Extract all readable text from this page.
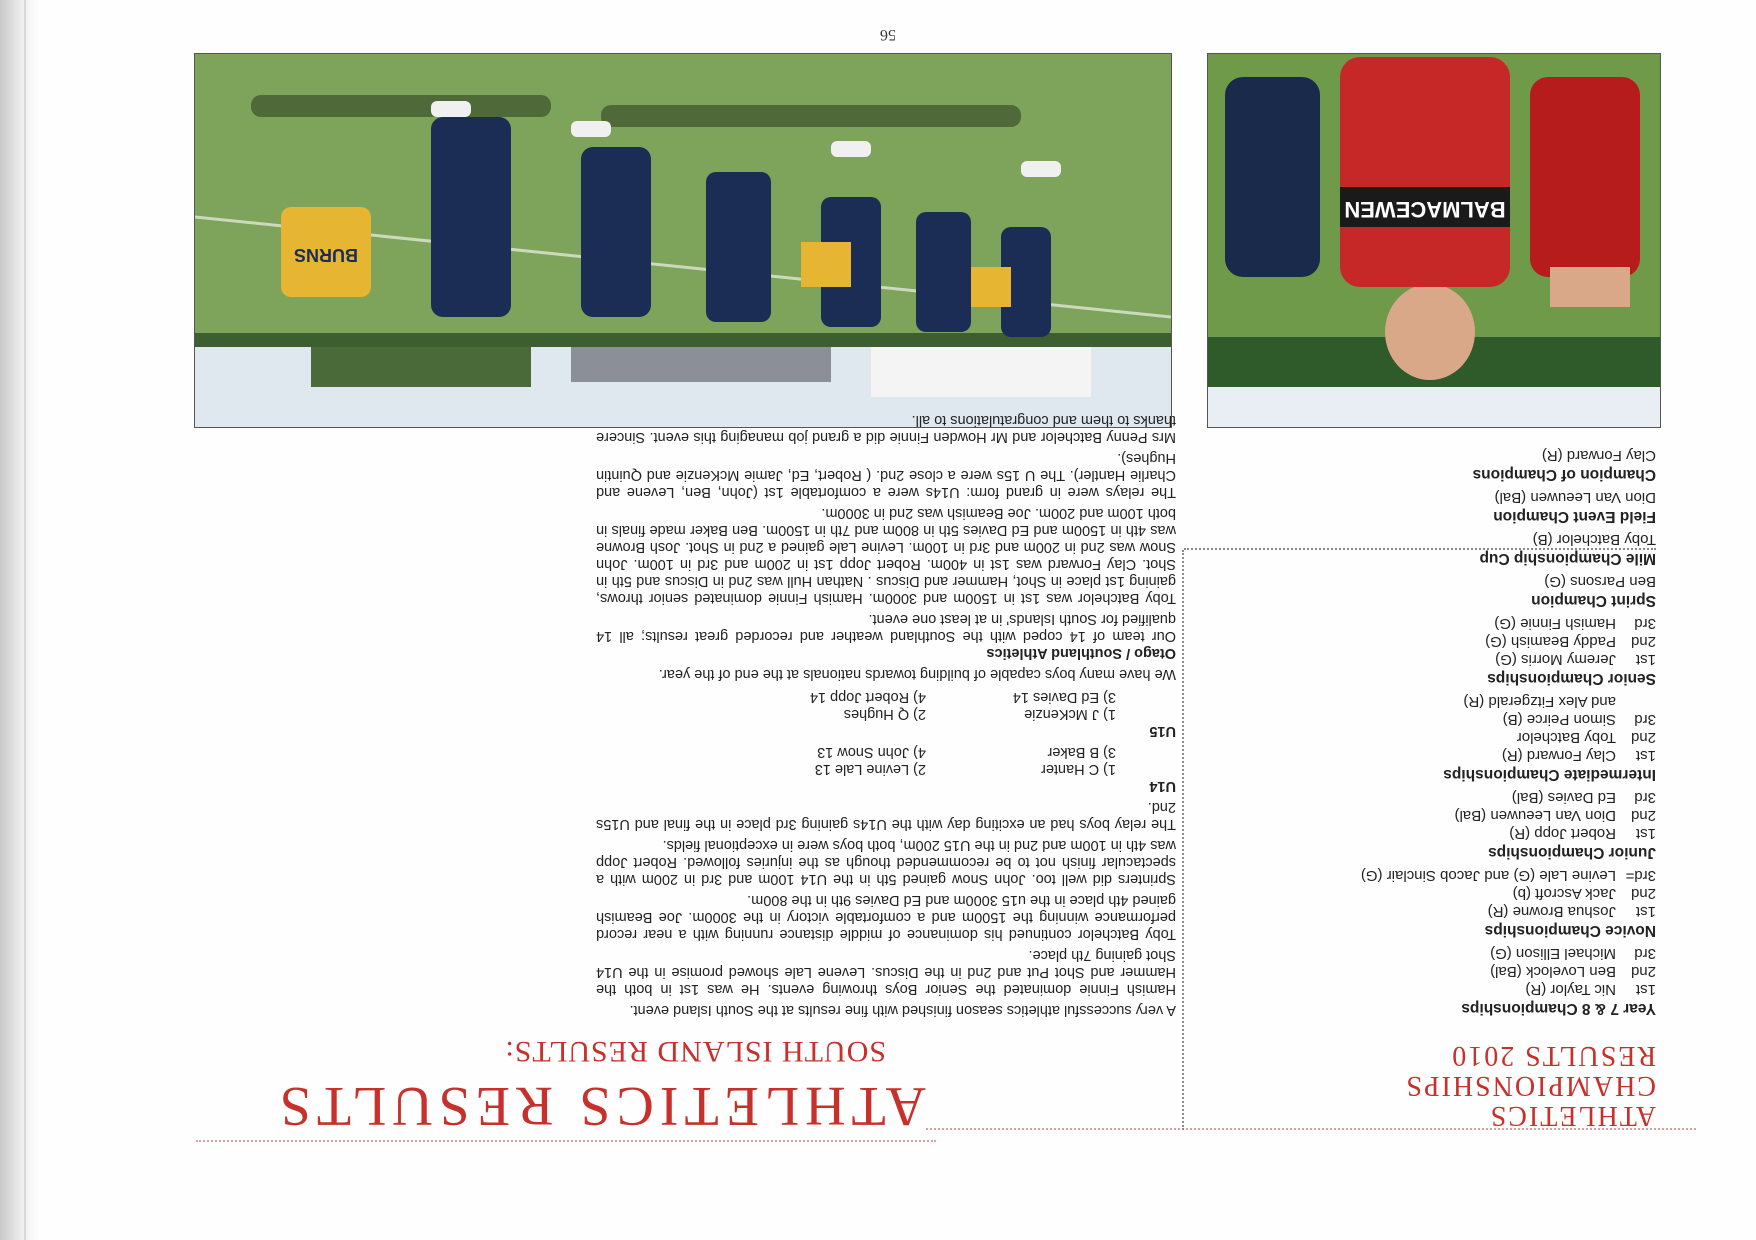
56
BALMACEWEN
BURNS
ATHLETICS RESULTS
SOUTH ISLAND RESULTS:
ATHLETICS
CHAMPIONSHIPS
RESULTS 2010
Year 7 & 8 Championships
1st
Nic Taylor (R)
2nd
Ben Lovelock (Bal)
3rd
Michael Ellison (G)
Novice Championships
1st
Joshua Browne (R)
2nd
Jack Ascroft (b)
3rd=
Levine Lale (G) and Jacob Sinclair (G)
Junior Championships
1st
Robert Jopp (R)
2nd
Dion Van Leeuwen (Bal)
3rd
Ed Davies (Bal)
Intermediate Championships
1st
Clay Forward (R)
2nd
Toby Batchelor
3rd
Simon Peirce (B)
and Alex Fitzgerald (R)
Senior Championships
1st
Jeremy Morris (G)
2nd
Paddy Beamish (G)
3rd
Hamish Finnie (G)
Sprint Champion
Ben Parsons (G)
Mile Championship Cup
Toby Batchelor (B)
Field Event Champion
Dion Van Leeuwen (Bal)
Champion of Champions
Clay Forward (R)

A very successful athletics season finished with fine results at the South Island event.

Hamish Finnie dominated the Senior Boys throwing events. He was 1st in both the Hammer and Shot Put and 2nd in the Discus. Levene Lale showed promise in the U14 Shot gaining 7th place.

Toby Batchelor continued his dominance of middle distance running with a near record performance winning the 1500m and a comfortable victory in the 3000m. Joe Beamish gained 4th place in the u15 3000m and Ed Davies 9th in the 800m.

Sprinters did well too. John Snow gained 5th in the U14 100m and 3rd in 200m with a spectacular finish not to be recommended though as the injuries followed. Robert Jopp was 4th in 100m and 2nd in the U15 200m, both boys were in exceptional fields.

The relay boys had an exciting day with the U14s gaining 3rd place in the final and U15s 2nd.

U14
1) C Hanter
2) Levine Lale 13
3) B Baker
4) John Snow 13
U15
1) J McKenzie
2) Q Hughes
3) Ed Davies 14
4) Robert Jopp 14

We have many boys capable of building towards nationals at the end of the year.

Otago / Southland Athletics

Our team of 14 coped with the Southland weather and recorded great results; all 14 qualified for South Islands' in at least one event.

Toby Batchelor was 1st in 1500m and 3000m. Hamish Finnie dominated senior throws, gaining 1st place in Shot, Hammer and Discus . Nathan Hull was 2nd in Discus and 5th in Shot. Clay Forward was 1st in 400m. Robert Jopp 1st in 200m and 3rd in 100m. John Snow was 2nd in 200m and 3rd in 100m. Levine Lale gained a 2nd in Shot. Josh Browne was 4th in 1500m and Ed Davies 5th in 800m and 7th in 1500m. Ben Baker made finals in both 100m and 200m. Joe Beamish was 2nd in 3000m.

The relays were in grand form: U14s were a comfortable 1st (John, Ben, Levene and Charlie Hantler). The U 15s were a close 2nd. ( Robert, Ed, Jamie McKenzie and Quintin Hughes).

Mrs Penny Batchelor and Mr Howden Finnie did a grand job managing this event. Sincere thanks to them and congratulations to all.
